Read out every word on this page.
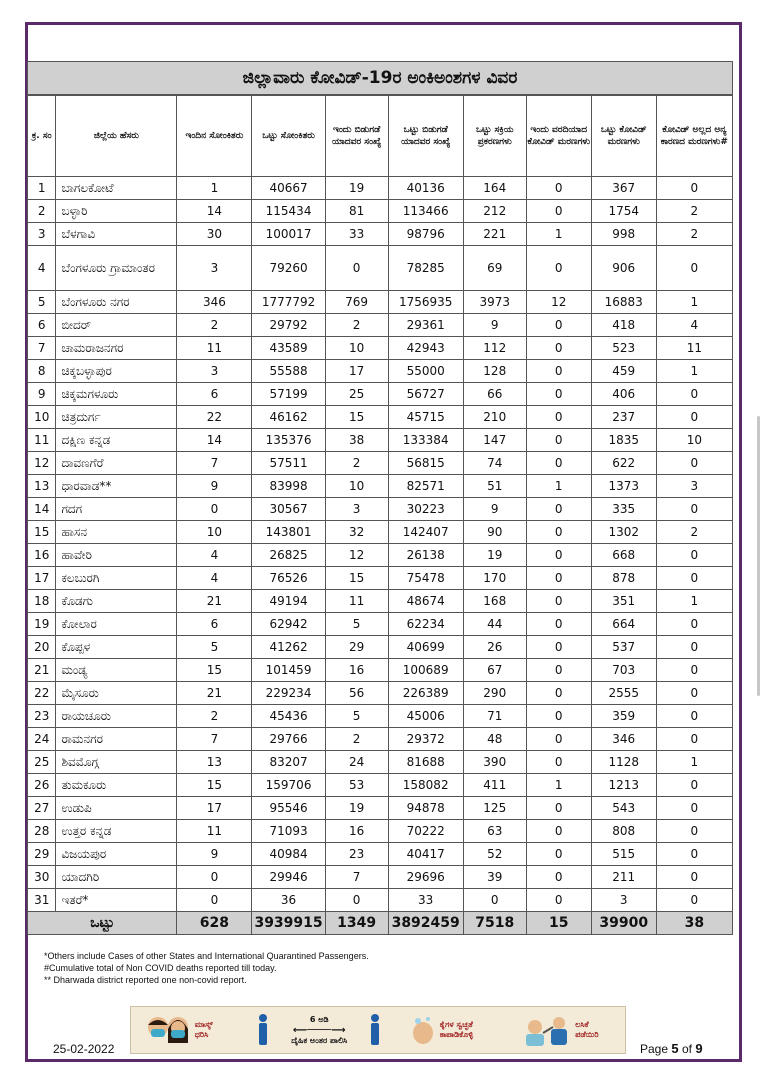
ಜಿಲ್ಲಾವಾರು ಕೋವಿಡ್-19ರ ಅಂಕಿಅಂಶಗಳ ವಿವರ
ಕ್ರ. ಸಂ	ಜಿಲ್ಲೆಯ ಹೆಸರು	ಇಂದಿನ ಸೋಂಕಿತರು	ಒಟ್ಟು ಸೋಂಕಿತರು	ಇಂದು ಬಿಡುಗಡೆ ಯಾದವರ ಸಂಖ್ಯೆ	ಒಟ್ಟು ಬಿಡುಗಡೆ ಯಾದವರ ಸಂಖ್ಯೆ	ಒಟ್ಟು ಸಕ್ರಿಯ ಪ್ರಕರಣಗಳು	ಇಂದು ವರದಿಯಾದ ಕೋವಿಡ್ ಮರಣಗಳು	ಒಟ್ಟು ಕೋವಿಡ್ ಮರಣಗಳು	ಕೋವಿಡ್ ಅಲ್ಲದ ಅನ್ಯ ಕಾರಣದ ಮರಣಗಳು#
1	ಬಾಗಲಕೋಟೆ	1	40667	19	40136	164	0	367	0
2	ಬಳ್ಳಾರಿ	14	115434	81	113466	212	0	1754	2
3	ಬೆಳಗಾವಿ	30	100017	33	98796	221	1	998	2
4	ಬೆಂಗಳೂರು ಗ್ರಾಮಾಂತರ	3	79260	0	78285	69	0	906	0
5	ಬೆಂಗಳೂರು ನಗರ	346	1777792	769	1756935	3973	12	16883	1
6	ಬೀದರ್	2	29792	2	29361	9	0	418	4
7	ಚಾಮರಾಜನಗರ	11	43589	10	42943	112	0	523	11
8	ಚಿಕ್ಕಬಳ್ಳಾಪುರ	3	55588	17	55000	128	0	459	1
9	ಚಿಕ್ಕಮಗಳೂರು	6	57199	25	56727	66	0	406	0
10	ಚಿತ್ರದುರ್ಗ	22	46162	15	45715	210	0	237	0
11	ದಕ್ಷಿಣ ಕನ್ನಡ	14	135376	38	133384	147	0	1835	10
12	ದಾವಣಗೆರೆ	7	57511	2	56815	74	0	622	0
13	ಧಾರವಾಡ**	9	83998	10	82571	51	1	1373	3
14	ಗದಗ	0	30567	3	30223	9	0	335	0
15	ಹಾಸನ	10	143801	32	142407	90	0	1302	2
16	ಹಾವೇರಿ	4	26825	12	26138	19	0	668	0
17	ಕಲಬುರಗಿ	4	76526	15	75478	170	0	878	0
18	ಕೊಡಗು	21	49194	11	48674	168	0	351	1
19	ಕೋಲಾರ	6	62942	5	62234	44	0	664	0
20	ಕೊಪ್ಪಳ	5	41262	29	40699	26	0	537	0
21	ಮಂಡ್ಯ	15	101459	16	100689	67	0	703	0
22	ಮೈಸೂರು	21	229234	56	226389	290	0	2555	0
23	ರಾಯಚೂರು	2	45436	5	45006	71	0	359	0
24	ರಾಮನಗರ	7	29766	2	29372	48	0	346	0
25	ಶಿವಮೊಗ್ಗ	13	83207	24	81688	390	0	1128	1
26	ತುಮಕೂರು	15	159706	53	158082	411	1	1213	0
27	ಉಡುಪಿ	17	95546	19	94878	125	0	543	0
28	ಉತ್ತರ ಕನ್ನಡ	11	71093	16	70222	63	0	808	0
29	ವಿಜಯಪುರ	9	40984	23	40417	52	0	515	0
30	ಯಾದಗಿರಿ	0	29946	7	29696	39	0	211	0
31	ಇತರೆ*	0	36	0	33	0	0	3	0
ಒಟ್ಟು		628	3939915	1349	3892459	7518	15	39900	38
*Others include Cases of other States and International Quarantined Passengers.
#Cumulative total of Non COVID deaths reported till today.
** Dharwada district reported one non-covid report.
ಮಾಸ್ಕ್ ಧರಿಸಿ
6 ಅಡಿ
⟵────⟶
ದೈಹಿಕ ಅಂತರ ಪಾಲಿಸಿ
ಕೈಗಳ ಸ್ವಚ್ಛತೆ ಕಾಪಾಡಿಕೊಳ್ಳಿ
ಲಸಿಕೆ ಪಡೆಯಿರಿ
25-02-2022	Page 5 of 9
